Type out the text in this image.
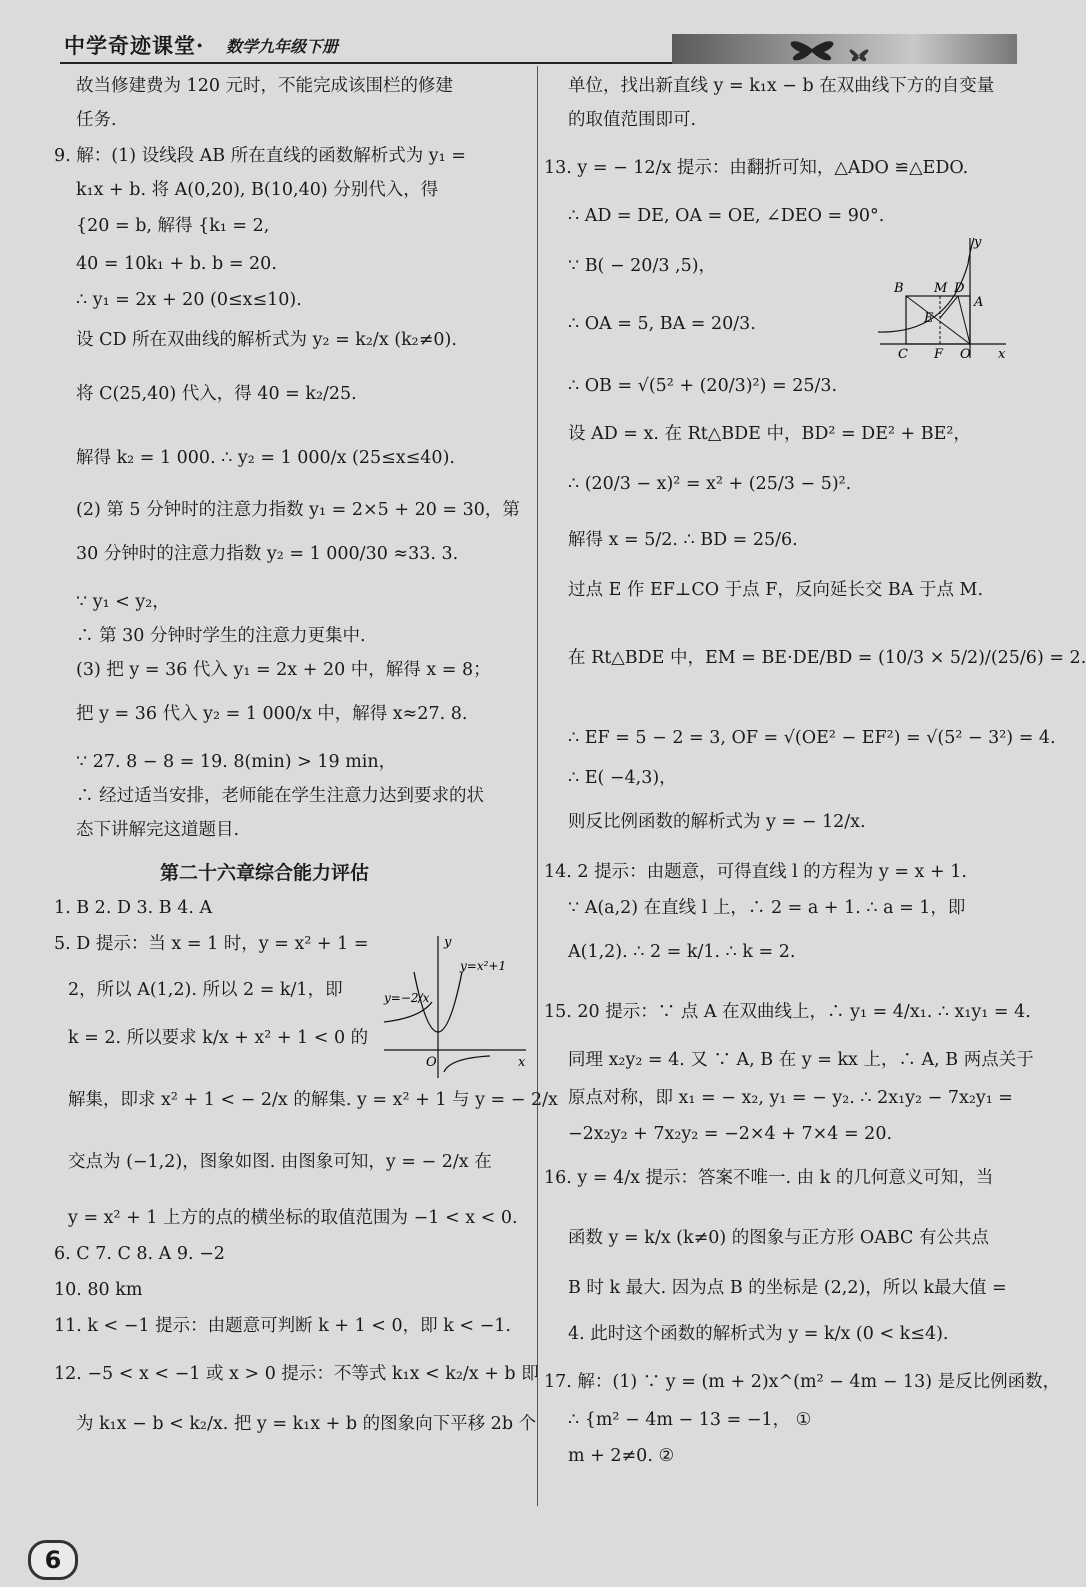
中学奇迹课堂· 数学九年级下册
故当修建费为 120 元时，不能完成该围栏的修建
任务.
9. 解：(1) 设线段 AB 所在直线的函数解析式为 y₁ =
k₁x + b. 将 A(0,20), B(10,40) 分别代入，得
{20 = b, 解得 {k₁ = 2,
40 = 10k₁ + b. b = 20.
∴ y₁ = 2x + 20 (0≤x≤10).
设 CD 所在双曲线的解析式为 y₂ = k₂/x (k₂≠0).
将 C(25,40) 代入，得 40 = k₂/25.
解得 k₂ = 1 000. ∴ y₂ = 1 000/x (25≤x≤40).
(2) 第 5 分钟时的注意力指数 y₁ = 2×5 + 20 = 30，第
30 分钟时的注意力指数 y₂ = 1 000/30 ≈33. 3.
∵ y₁ < y₂，
∴ 第 30 分钟时学生的注意力更集中.
(3) 把 y = 36 代入 y₁ = 2x + 20 中，解得 x = 8；
把 y = 36 代入 y₂ = 1 000/x 中，解得 x≈27. 8.
∵ 27. 8 − 8 = 19. 8(min) > 19 min，
∴ 经过适当安排，老师能在学生注意力达到要求的状
态下讲解完这道题目.
第二十六章综合能力评估
1. B 2. D 3. B 4. A
5. D 提示：当 x = 1 时，y = x² + 1 =
2，所以 A(1,2). 所以 2 = k/1，即
k = 2. 所以要求 k/x + x² + 1 < 0 的
解集，即求 x² + 1 < − 2/x 的解集. y = x² + 1 与 y = − 2/x
交点为 (−1,2)，图象如图. 由图象可知，y = − 2/x 在
y = x² + 1 上方的点的横坐标的取值范围为 −1 < x < 0.
6. C 7. C 8. A 9. −2
10. 80 km
11. k < −1 提示：由题意可判断 k + 1 < 0，即 k < −1.
12. −5 < x < −1 或 x > 0 提示：不等式 k₁x < k₂/x + b 即
为 k₁x − b < k₂/x. 把 y = k₁x + b 的图象向下平移 2b 个
y
x
O
y=x²+1
y=−2/x
单位，找出新直线 y = k₁x − b 在双曲线下方的自变量
的取值范围即可.
13. y = − 12/x 提示：由翻折可知，△ADO ≌△EDO.
∴ AD = DE, OA = OE, ∠DEO = 90°.
∵ B( − 20/3 ,5)，
∴ OA = 5, BA = 20/3.
∴ OB = √(5² + (20/3)²) = 25/3.
设 AD = x. 在 Rt△BDE 中，BD² = DE² + BE²，
∴ (20/3 − x)² = x² + (25/3 − 5)².
解得 x = 5/2. ∴ BD = 25/6.
过点 E 作 EF⊥CO 于点 F，反向延长交 BA 于点 M.
在 Rt△BDE 中，EM = BE·DE/BD = (10/3 × 5/2)/(25/6) = 2.
∴ EF = 5 − 2 = 3, OF = √(OE² − EF²) = √(5² − 3²) = 4.
∴ E( −4,3)，
则反比例函数的解析式为 y = − 12/x.
14. 2 提示：由题意，可得直线 l 的方程为 y = x + 1.
∵ A(a,2) 在直线 l 上，∴ 2 = a + 1. ∴ a = 1，即
A(1,2). ∴ 2 = k/1. ∴ k = 2.
15. 20 提示：∵ 点 A 在双曲线上，∴ y₁ = 4/x₁. ∴ x₁y₁ = 4.
同理 x₂y₂ = 4. 又 ∵ A, B 在 y = kx 上，∴ A, B 两点关于
原点对称，即 x₁ = − x₂, y₁ = − y₂. ∴ 2x₁y₂ − 7x₂y₁ =
−2x₂y₂ + 7x₂y₂ = −2×4 + 7×4 = 20.
16. y = 4/x 提示：答案不唯一. 由 k 的几何意义可知，当
函数 y = k/x (k≠0) 的图象与正方形 OABC 有公共点
B 时 k 最大. 因为点 B 的坐标是 (2,2)，所以 k最大值 =
4. 此时这个函数的解析式为 y = k/x (0 < k≤4).
17. 解：(1) ∵ y = (m + 2)x^(m² − 4m − 13) 是反比例函数，
∴ {m² − 4m − 13 = −1， ①
m + 2≠0. ②
y
B M D
A
E
C F O x
6
